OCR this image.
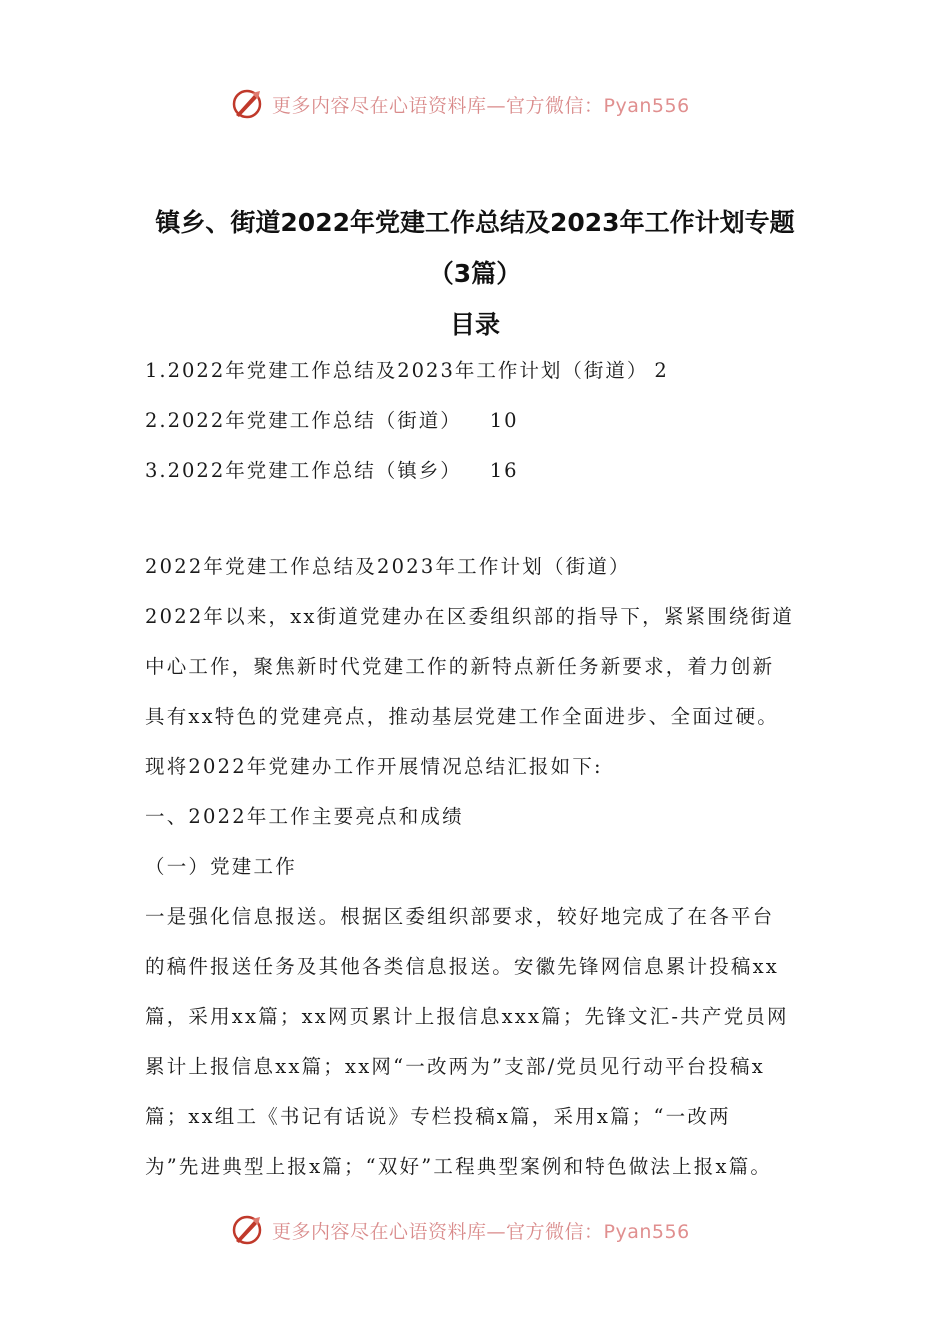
更多内容尽在心语资料库—官方微信：Pyan556
镇乡、街道2022年党建工作总结及2023年工作计划专题
（3篇）
目录
1.2022年党建工作总结及2023年工作计划（街道） 2
2.2022年党建工作总结（街道） 10
3.2022年党建工作总结（镇乡） 16
2022年党建工作总结及2023年工作计划（街道）
2022年以来，xx街道党建办在区委组织部的指导下，紧紧围绕街道
中心工作，聚焦新时代党建工作的新特点新任务新要求，着力创新
具有xx特色的党建亮点，推动基层党建工作全面进步、全面过硬。
现将2022年党建办工作开展情况总结汇报如下:
一、2022年工作主要亮点和成绩
（一）党建工作
一是强化信息报送。根据区委组织部要求，较好地完成了在各平台
的稿件报送任务及其他各类信息报送。安徽先锋网信息累计投稿xx
篇，采用xx篇；xx网页累计上报信息xxx篇；先锋文汇-共产党员网
累计上报信息xx篇；xx网“一改两为”支部/党员见行动平台投稿x
篇；xx组工《书记有话说》专栏投稿x篇，采用x篇；“一改两
为”先进典型上报x篇；“双好”工程典型案例和特色做法上报x篇。
更多内容尽在心语资料库—官方微信：Pyan556
